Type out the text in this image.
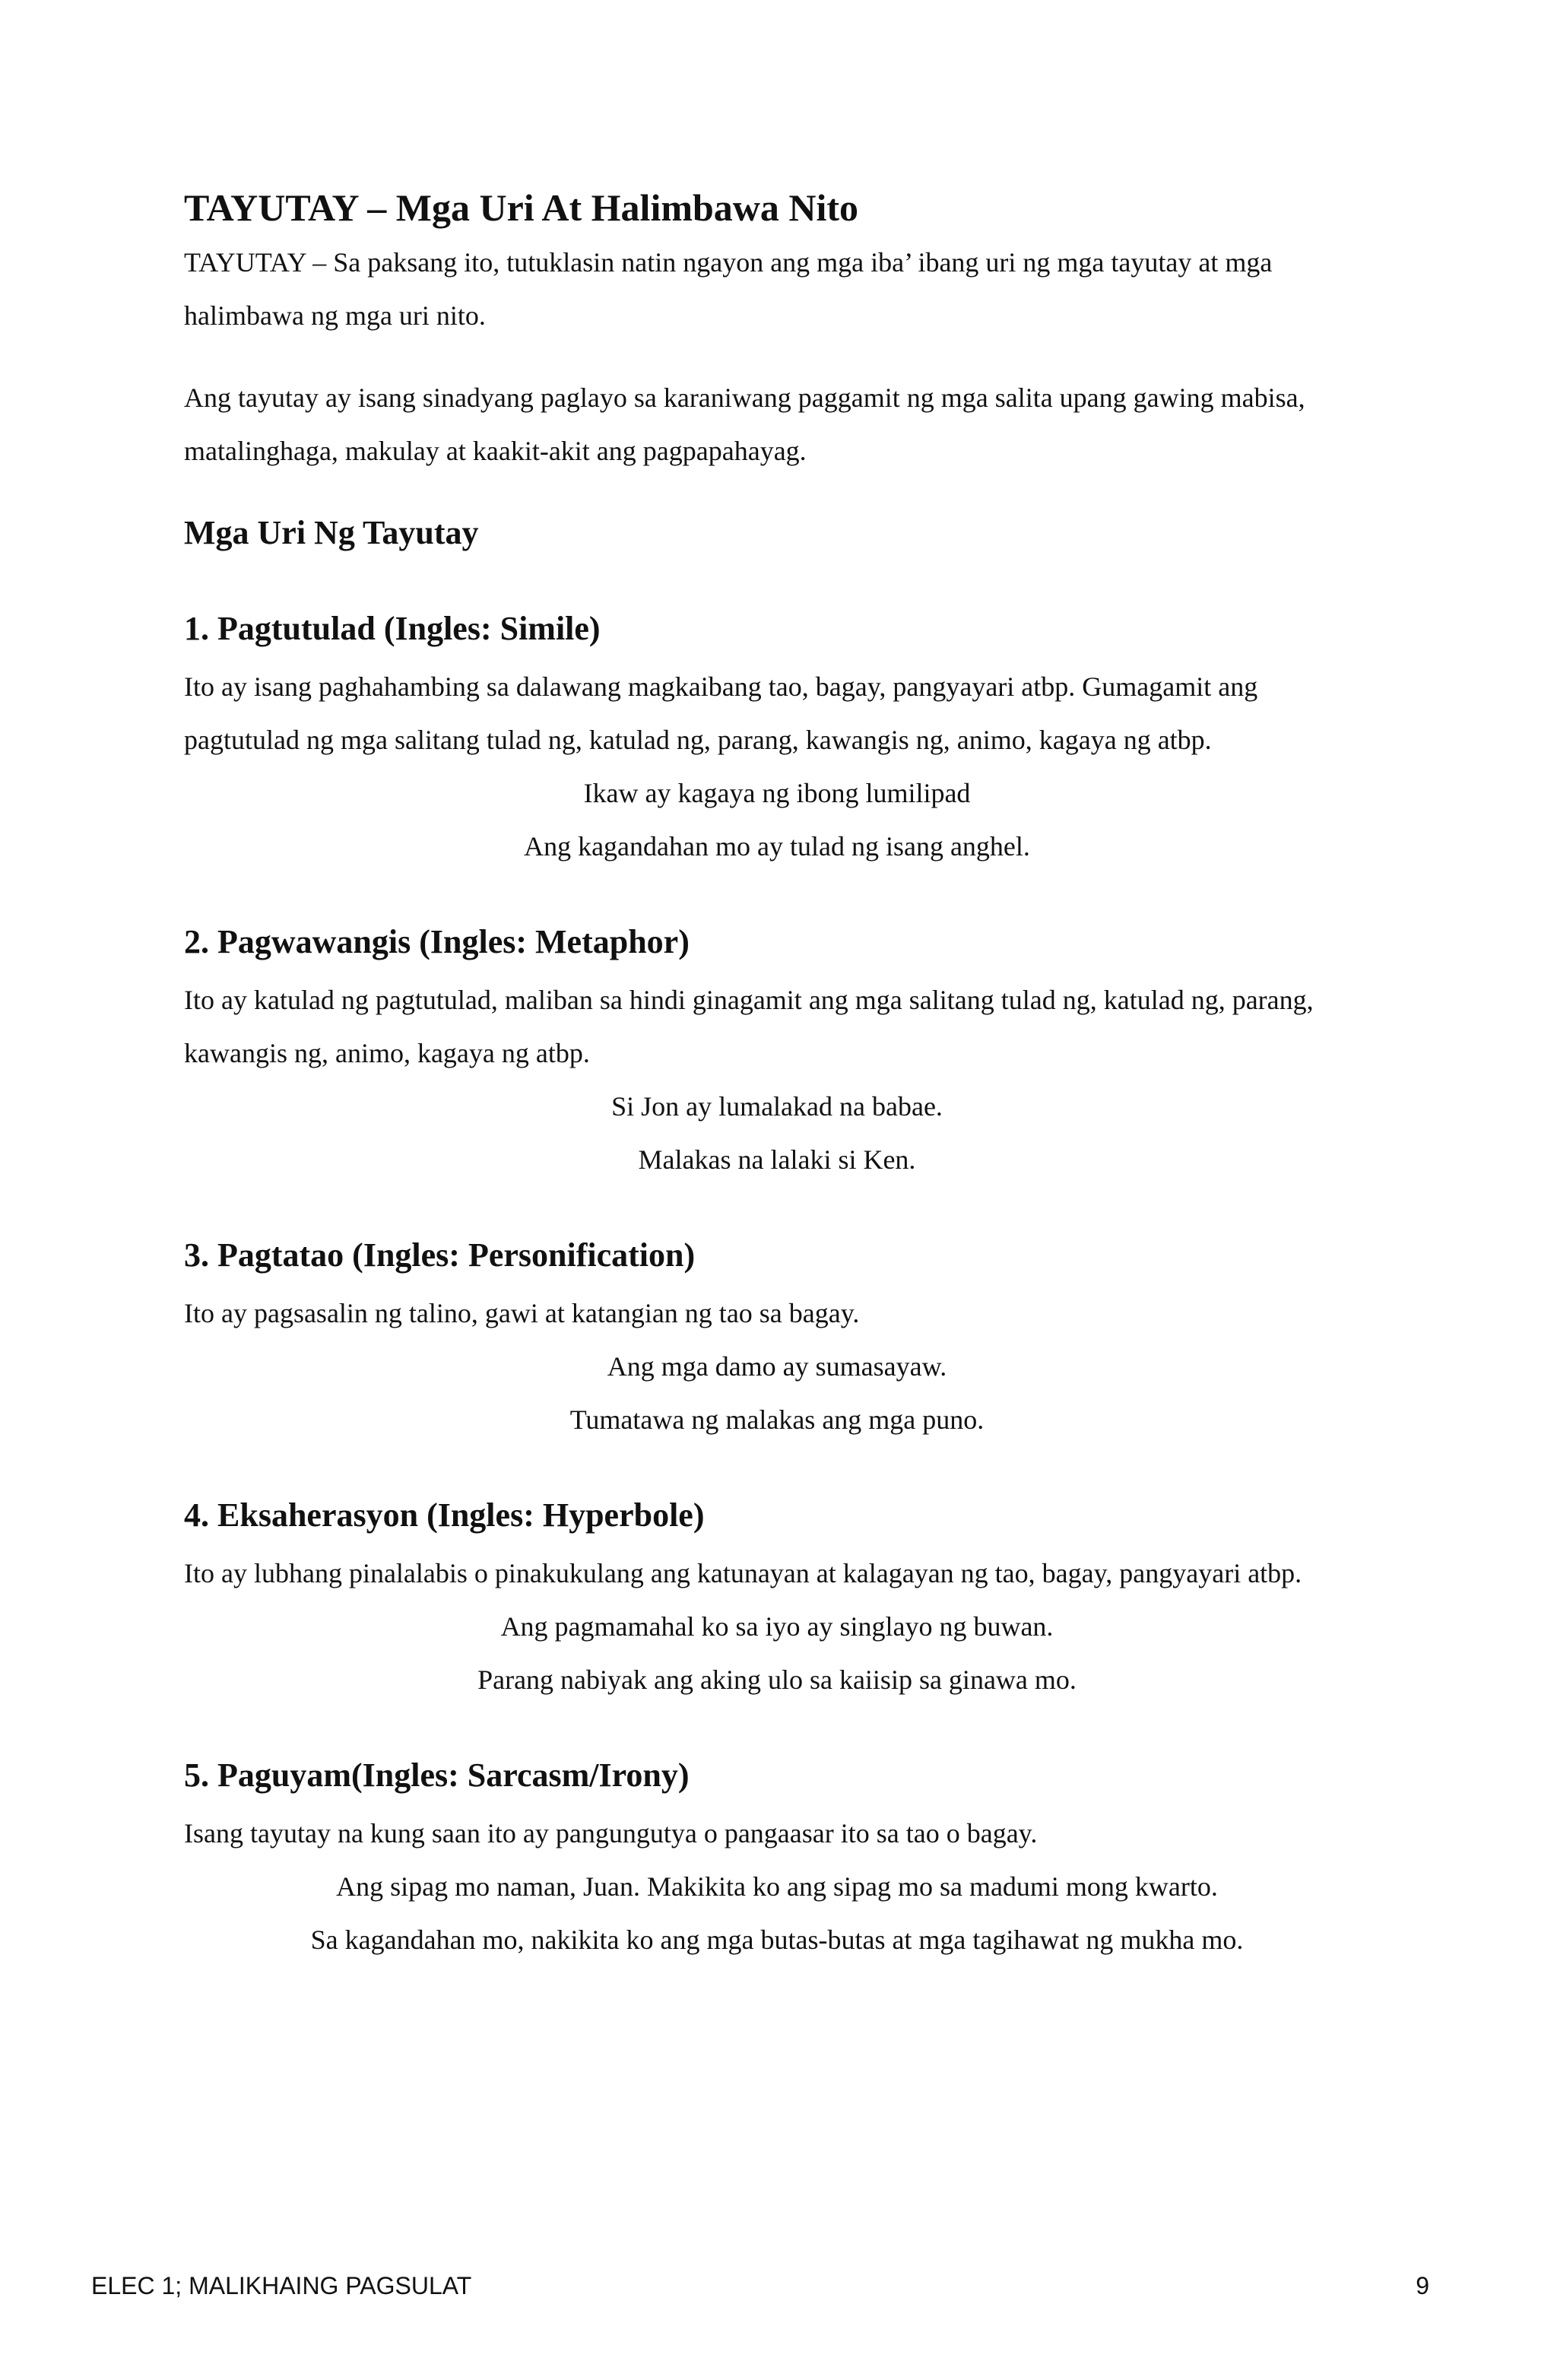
TAYUTAY – Mga Uri At Halimbawa Nito

TAYUTAY – Sa paksang ito, tutuklasin natin ngayon ang mga iba’ ibang uri ng mga tayutay at mga halimbawa ng mga uri nito.

Ang tayutay ay isang sinadyang paglayo sa karaniwang paggamit ng mga salita upang gawing mabisa, matalinghaga, makulay at kaakit-akit ang pagpapahayag.

Mga Uri Ng Tayutay
1. Pagtutulad (Ingles: Simile)

Ito ay isang paghahambing sa dalawang magkaibang tao, bagay, pangyayari atbp. Gumagamit ang pagtutulad ng mga salitang tulad ng, katulad ng, parang, kawangis ng, animo, kagaya ng atbp.

Ikaw ay kagaya ng ibong lumilipad
Ang kagandahan mo ay tulad ng isang anghel.
2. Pagwawangis (Ingles: Metaphor)

Ito ay katulad ng pagtutulad, maliban sa hindi ginagamit ang mga salitang tulad ng, katulad ng, parang, kawangis ng, animo, kagaya ng atbp.

Si Jon ay lumalakad na babae.
Malakas na lalaki si Ken.
3. Pagtatao (Ingles: Personification)

Ito ay pagsasalin ng talino, gawi at katangian ng tao sa bagay.

Ang mga damo ay sumasayaw.
Tumatawa ng malakas ang mga puno.
4. Eksaherasyon (Ingles: Hyperbole)

Ito ay lubhang pinalalabis o pinakukulang ang katunayan at kalagayan ng tao, bagay, pangyayari atbp.

Ang pagmamahal ko sa iyo ay singlayo ng buwan.
Parang nabiyak ang aking ulo sa kaiisip sa ginawa mo.
5. Paguyam(Ingles: Sarcasm/Irony)

Isang tayutay na kung saan ito ay pangungutya o pangaasar ito sa tao o bagay.

Ang sipag mo naman, Juan. Makikita ko ang sipag mo sa madumi mong kwarto.
Sa kagandahan mo, nakikita ko ang mga butas-butas at mga tagihawat ng mukha mo.
ELEC 1; MALIKHAING PAGSULAT	9
